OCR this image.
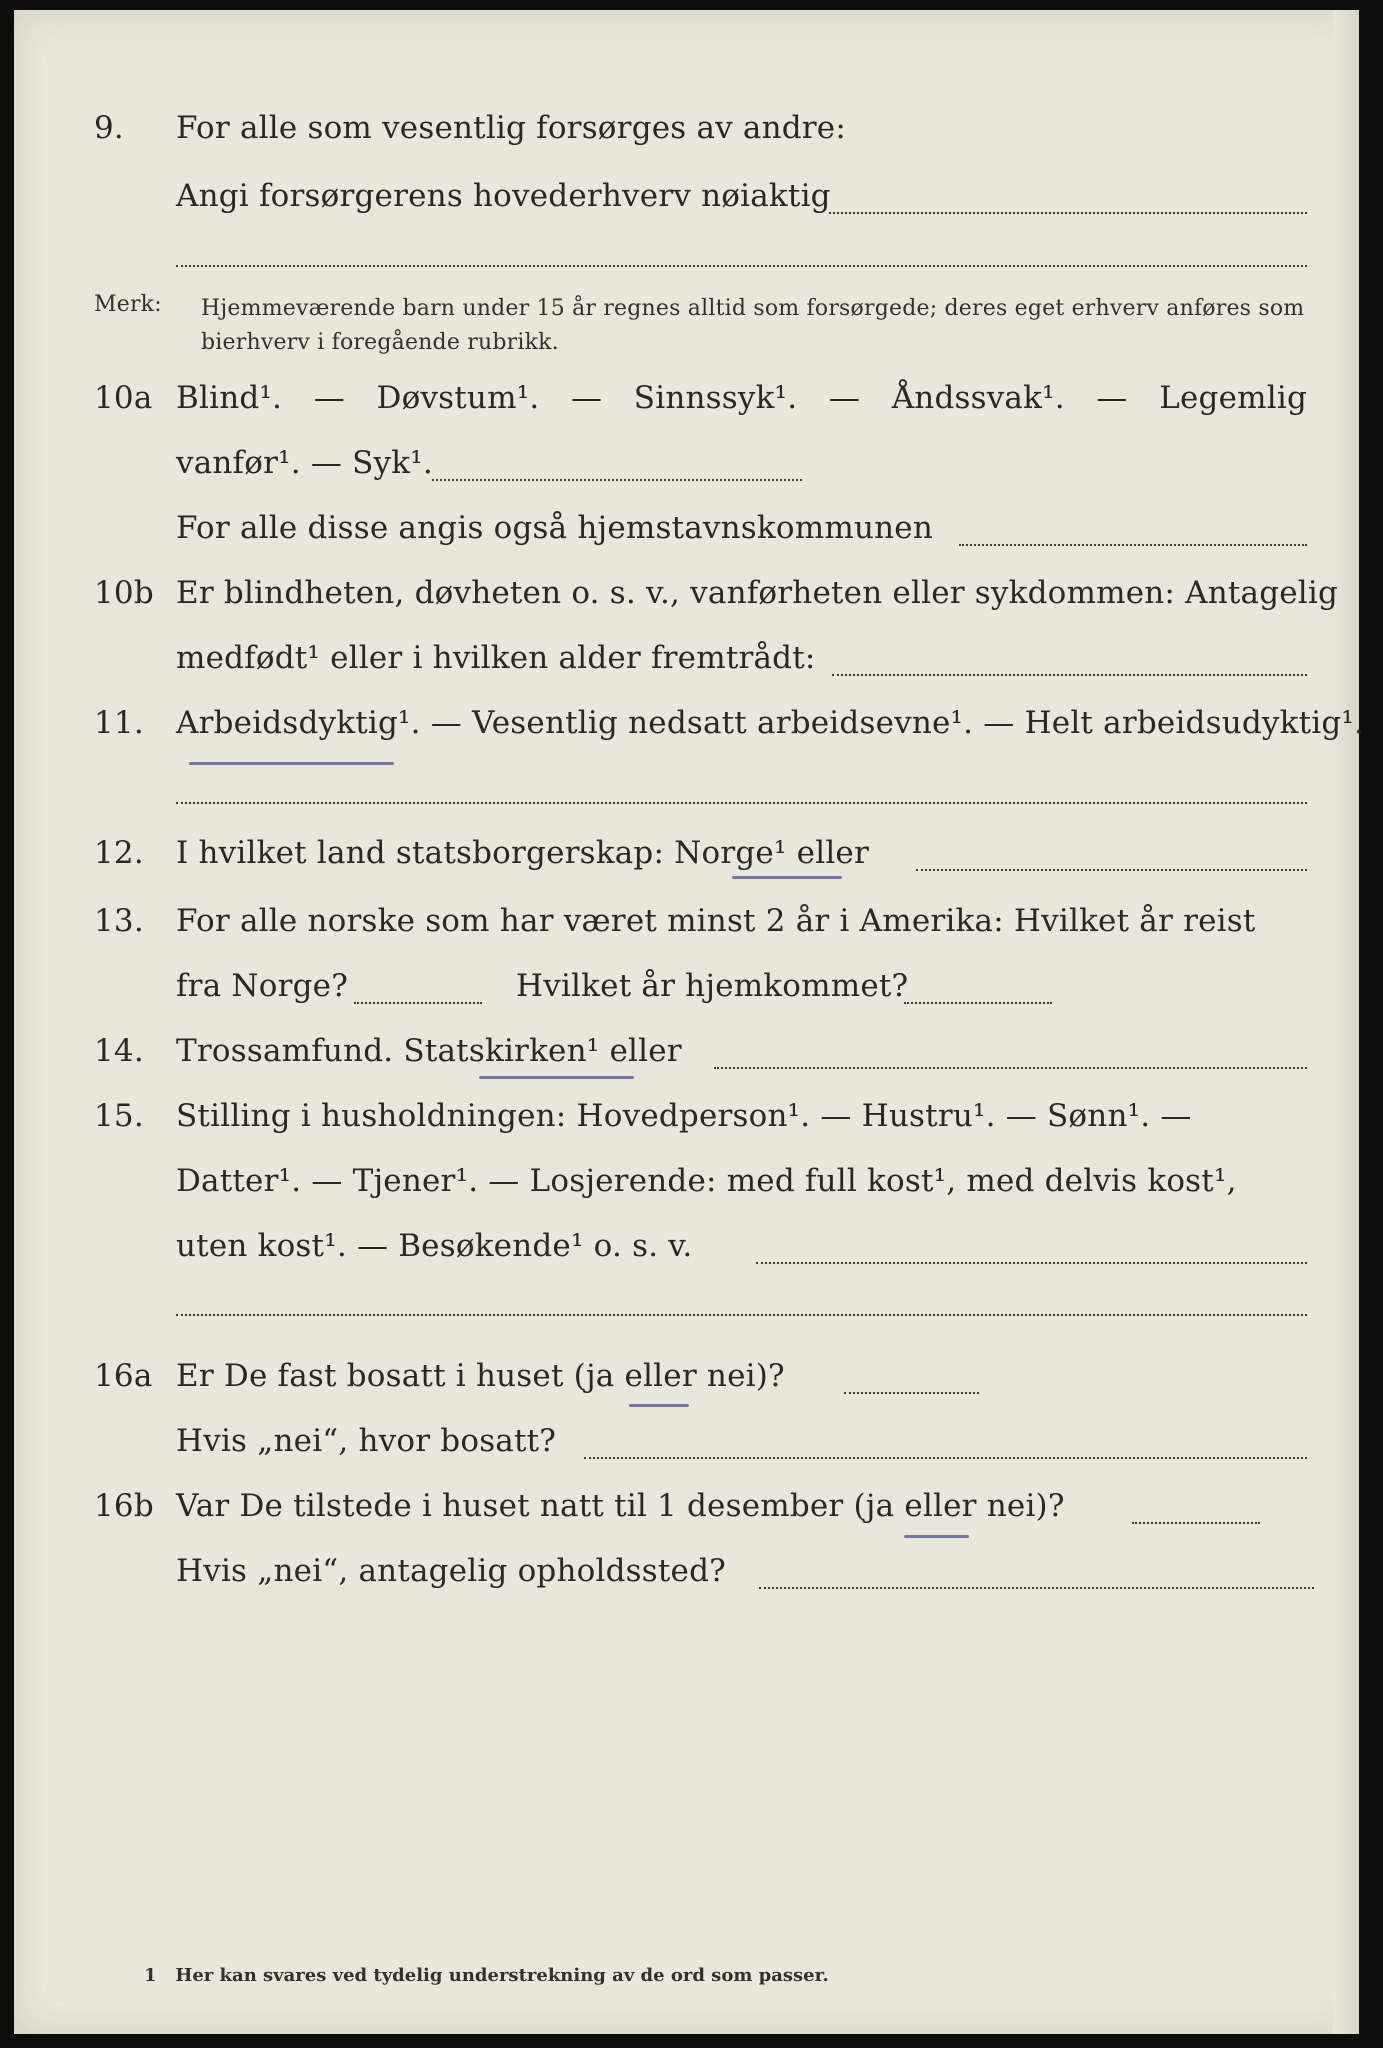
9. For alle som vesentlig forsørges av andre:
Angi forsørgerens hovederhverv nøiaktig
Merk: Hjemmeværende barn under 15 år regnes alltid som forsørgede; deres eget erhverv anføres som bierhverv i foregående rubrikk.
10a Blind¹. — Døvstum¹. — Sinnssyk¹. — Åndssvak¹. — Legemlig
vanfør¹. — Syk¹.
For alle disse angis også hjemstavnskommunen
10b Er blindheten, døvheten o. s. v., vanførheten eller sykdommen: Antagelig
medfødt¹ eller i hvilken alder fremtrådt:
11. Arbeidsdyktig¹. — Vesentlig nedsatt arbeidsevne¹. — Helt arbeidsudyktig¹.
12. I hvilket land statsborgerskap: Norge¹ eller
13. For alle norske som har været minst 2 år i Amerika: Hvilket år reist
fra Norge?	Hvilket år hjemkommet?
14. Trossamfund. Statskirken¹ eller
15. Stilling i husholdningen: Hovedperson¹. — Hustru¹. — Sønn¹. —
Datter¹. — Tjener¹. — Losjerende: med full kost¹, med delvis kost¹,
uten kost¹. — Besøkende¹ o. s. v.
16a Er De fast bosatt i huset (ja eller nei)?
Hvis „nei“, hvor bosatt?
16b Var De tilstede i huset natt til 1 desember (ja eller nei)?
Hvis „nei“, antagelig opholdssted?
1 Her kan svares ved tydelig understrekning av de ord som passer.
